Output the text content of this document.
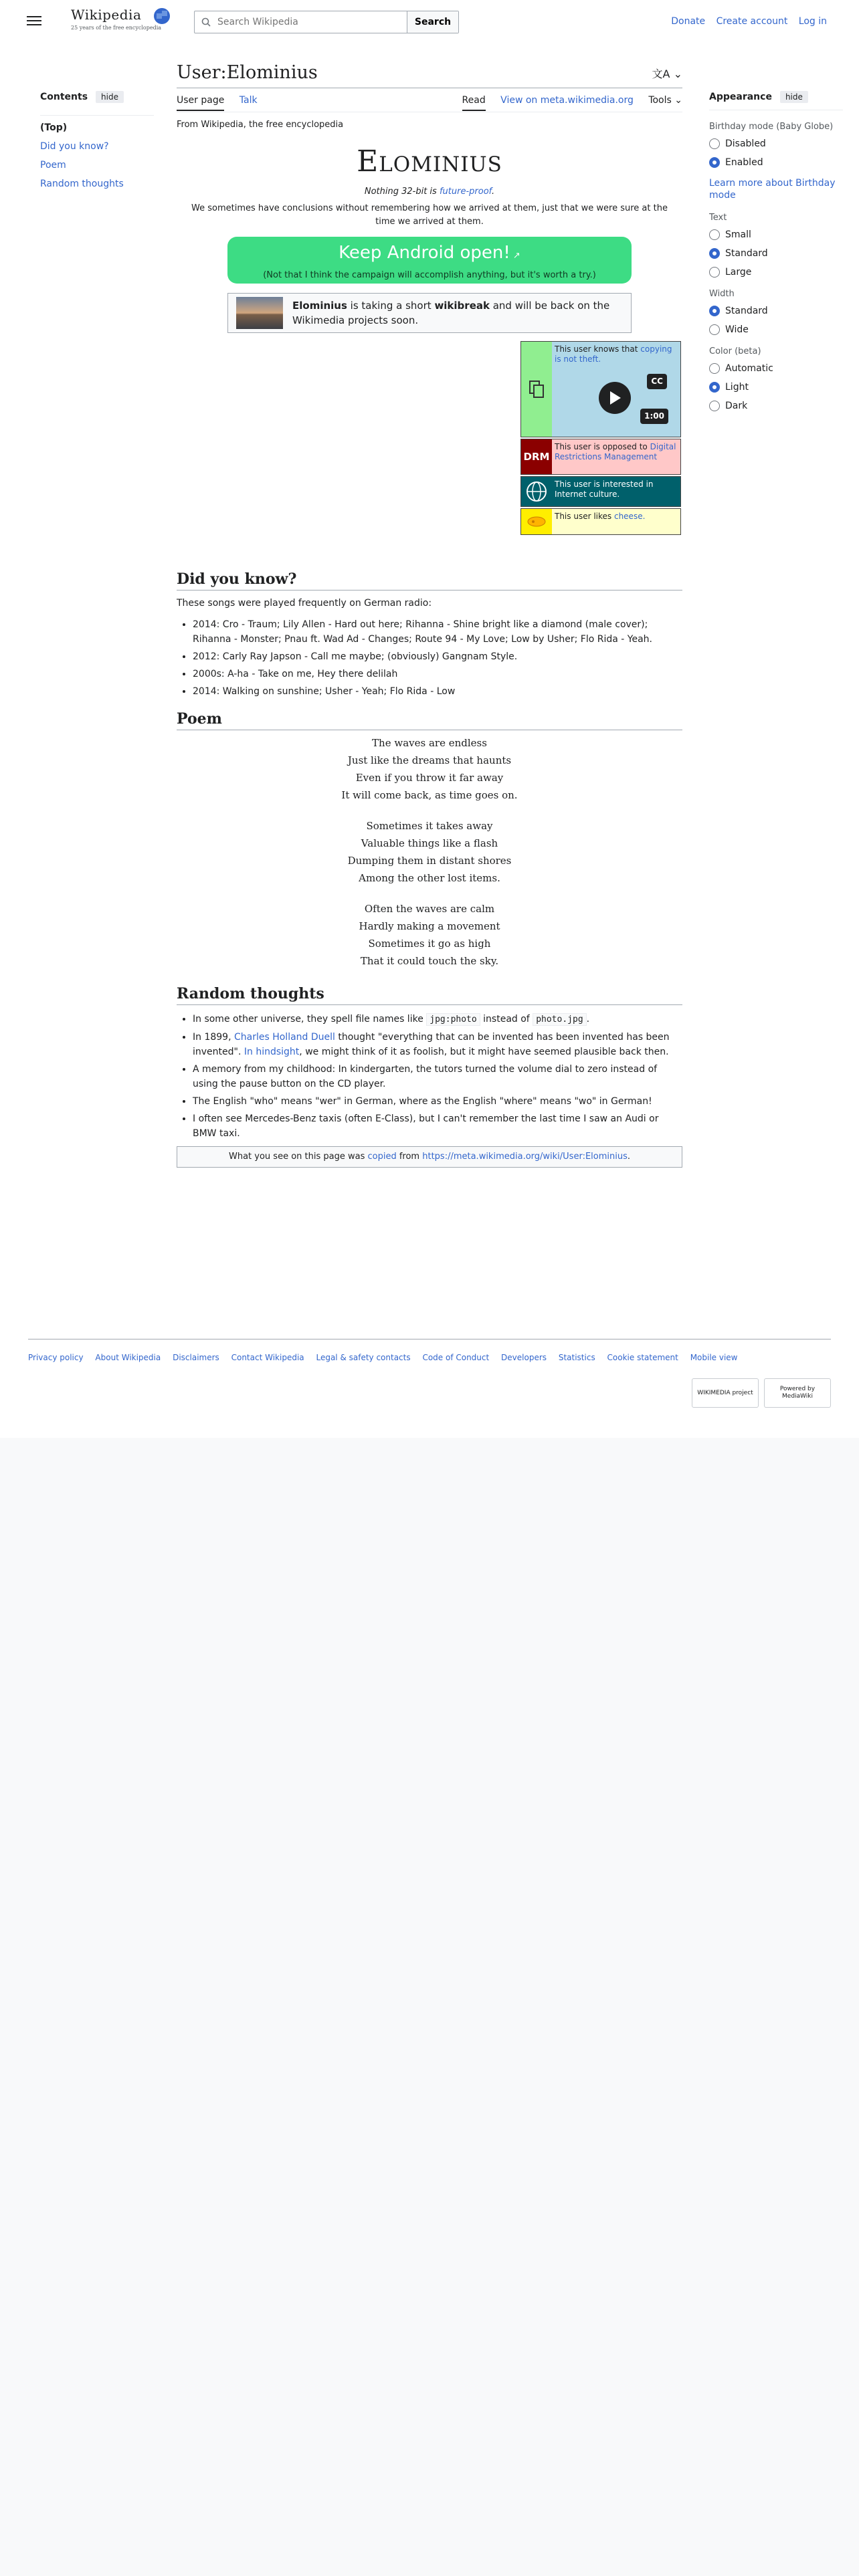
Wikipedia
25 years of the free encyclopedia
Search Wikipedia
Search	Donate Create account Log in
Contents	hide
(Top)
Did you know?
Poem
Random thoughts
User:Elominius	文A ⌄
User page Talk	Read View on meta.wikimedia.org Tools ⌄
From Wikipedia, the free encyclopedia
Elominius
Nothing 32-bit is future-proof.
We sometimes have conclusions without remembering how we arrived at them, just that we were sure at the time we arrived at them.
Keep Android open! ↗
(Not that I think the campaign will accomplish anything, but it's worth a try.)
Elominius is taking a short wikibreak and will be back on the Wikimedia projects soon.
This user knows that copying is not theft.
CC
1:00
DRM
This user is opposed to Digital Restrictions Management
This user is interested in Internet culture.
This user likes cheese.
Did you know?

These songs were played frequently on German radio:

• 2014: Cro - Traum; Lily Allen - Hard out here; Rihanna - Shine bright like a diamond (male cover); Rihanna - Monster; Pnau ft. Wad Ad - Changes; Route 94 - My Love; Low by Usher; Flo Rida - Yeah.
• 2012: Carly Ray Japson - Call me maybe; (obviously) Gangnam Style.
• 2000s: A-ha - Take on me, Hey there delilah
• 2014: Walking on sunshine; Usher - Yeah; Flo Rida - Low
Poem
The waves are endless
Just like the dreams that haunts
Even if you throw it far away
It will come back, as time goes on.
Sometimes it takes away
Valuable things like a flash
Dumping them in distant shores
Among the other lost items.
Often the waves are calm
Hardly making a movement
Sometimes it go as high
That it could touch the sky.
Random thoughts
• In some other universe, they spell file names like jpg:photo instead of photo.jpg .
• In 1899, Charles Holland Duell thought "everything that can be invented has been invented has been invented". In hindsight, we might think of it as foolish, but it might have seemed plausible back then.
• A memory from my childhood: In kindergarten, the tutors turned the volume dial to zero instead of using the pause button on the CD player.
• The English "who" means "wer" in German, where as the English "where" means "wo" in German!
• I often see Mercedes-Benz taxis (often E-Class), but I can't remember the last time I saw an Audi or BMW taxi.
What you see on this page was copied from https://meta.wikimedia.org/wiki/User:Elominius.
Appearance	hide
Birthday mode (Baby Globe)
Disabled
Enabled
Learn more about Birthday mode
Text
Small
Standard
Large
Width
Standard
Wide
Color (beta)
Automatic
Light
Dark
Privacy policy About Wikipedia Disclaimers Contact Wikipedia Legal & safety contacts Code of Conduct Developers Statistics Cookie statement Mobile view
WIKIMEDIA project
Powered by MediaWiki
